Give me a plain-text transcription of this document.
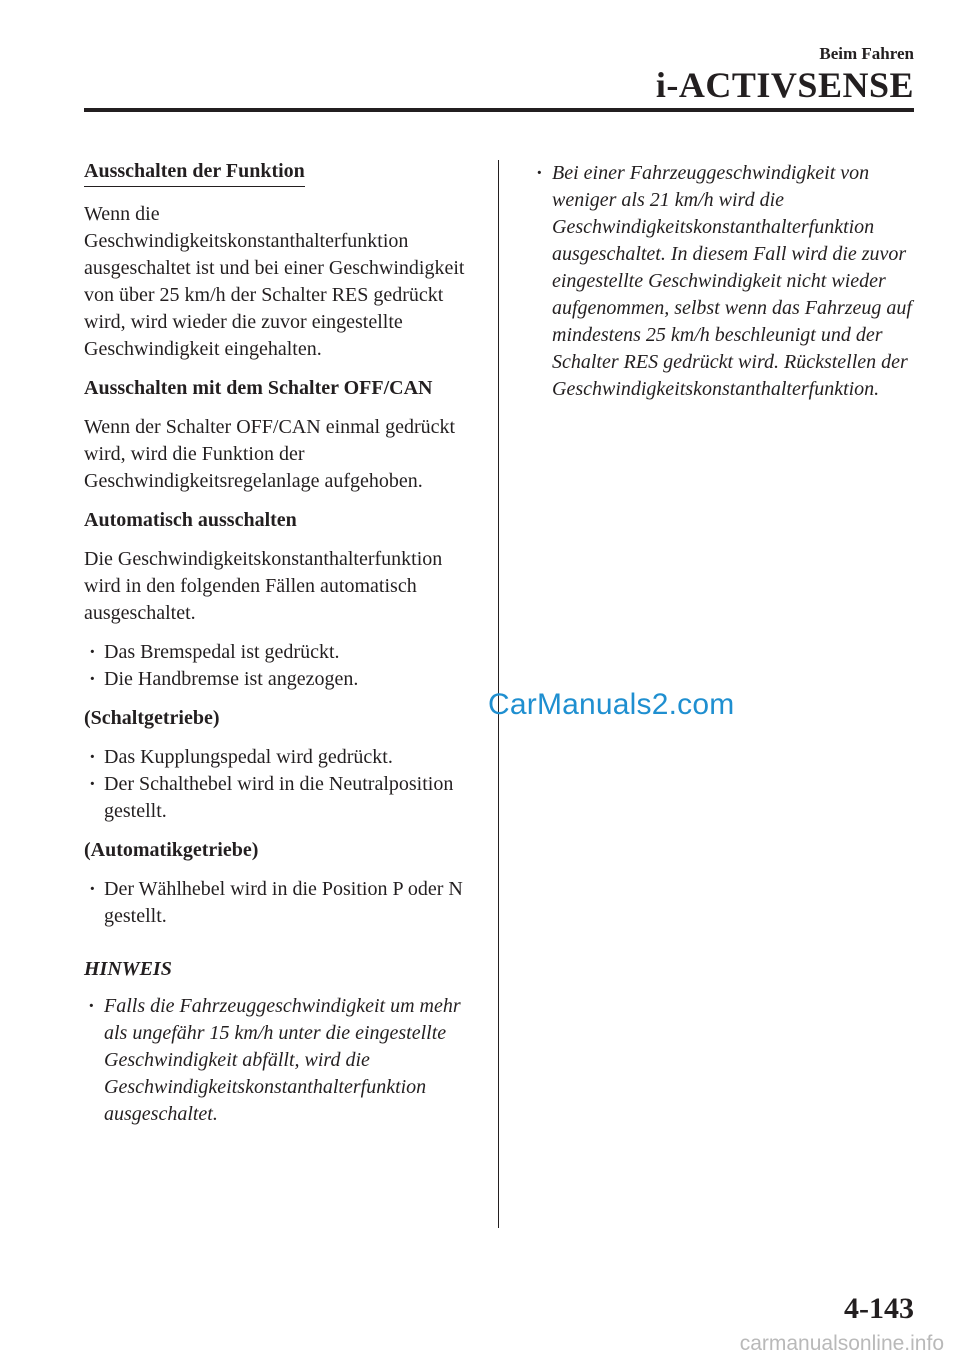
Beim Fahren
i-ACTIVSENSE
Ausschalten der Funktion

Wenn die Geschwindigkeitskonstanthalterfunktion ausgeschaltet ist und bei einer Geschwindigkeit von über 25 km/h der Schalter RES gedrückt wird, wird wieder die zuvor eingestellte Geschwindigkeit eingehalten.

Ausschalten mit dem Schalter OFF/CAN

Wenn der Schalter OFF/CAN einmal gedrückt wird, wird die Funktion der Geschwindigkeitsregelanlage aufgehoben.

Automatisch ausschalten

Die Geschwindigkeitskonstanthalterfunktion wird in den folgenden Fällen automatisch ausgeschaltet.

· Das Bremspedal ist gedrückt.
· Die Handbremse ist angezogen.
(Schaltgetriebe)
· Das Kupplungspedal wird gedrückt.
· Der Schalthebel wird in die Neutralposition gestellt.
(Automatikgetriebe)
· Der Wählhebel wird in die Position P oder N gestellt.
HINWEIS
· Falls die Fahrzeuggeschwindigkeit um mehr als ungefähr 15 km/h unter die eingestellte Geschwindigkeit abfällt, wird die Geschwindigkeitskonstanthalterfunktion ausgeschaltet.
· Bei einer Fahrzeuggeschwindigkeit von weniger als 21 km/h wird die Geschwindigkeitskonstanthalterfunktion ausgeschaltet. In diesem Fall wird die zuvor eingestellte Geschwindigkeit nicht wieder aufgenommen, selbst wenn das Fahrzeug auf mindestens 25 km/h beschleunigt und der Schalter RES gedrückt wird. Rückstellen der Geschwindigkeitskonstanthalterfunktion.
CarManuals2.com
4-143
carmanualsonline.info
